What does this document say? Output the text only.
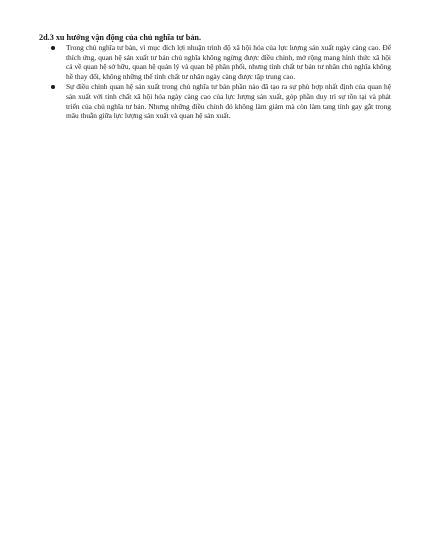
2d.3 xu hướng vận động của chủ nghĩa tư bản.
Trong chủ nghĩa tư bản, vì mục đích lợi nhuận trình độ xã hội hóa của lực lượng sản xuất ngày càng cao. Để thích ứng, quan hệ sản xuất tư bản chủ nghĩa không ngừng được điều chỉnh, mở rộng mang hình thức xã hội cả về quan hệ sở hữu, quan hệ quản lý và quan hệ phân phối, nhưng tính chất tư bản tư nhân chủ nghĩa không hề thay đổi, không những thế tính chất tư nhân ngày càng được tập trung cao.
Sự điều chỉnh quan hệ sản xuất trong chủ nghĩa tư bản phần nào đã tạo ra sự phù hợp nhất định của quan hệ sản xuất với tính chất xã hội hóa ngày càng cao của lực lượng sản xuất, góp phần duy trì sự tồn tại và phát triển của chủ nghĩa tư bản. Nhưng những điều chỉnh đó không làm giảm mà còn làm tang tính gay gắt trong mâu thuẫn giữa lực lượng sản xuất và quan hệ sản xuất.
